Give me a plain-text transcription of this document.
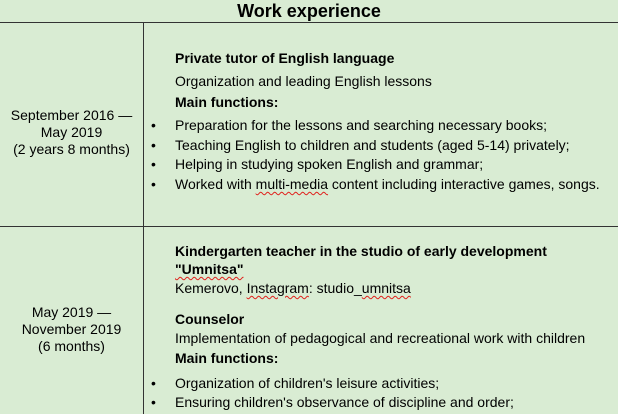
Work experience
September 2016 —
May 2019
(2 years 8 months)
Private tutor of English language
Organization and leading English lessons
Main functions:
• Preparation for the lessons and searching necessary books;
• Teaching English to children and students (aged 5-14) privately;
• Helping in studying spoken English and grammar;
• Worked with multi-media content including interactive games, songs.
May 2019 —
November 2019
(6 months)
Kindergarten teacher in the studio of early development
"Umnitsa"
Kemerovo, Instagram: studio_umnitsa
Counselor
Implementation of pedagogical and recreational work with children
Main functions:
• Organization of children's leisure activities;
• Ensuring children's observance of discipline and order;
